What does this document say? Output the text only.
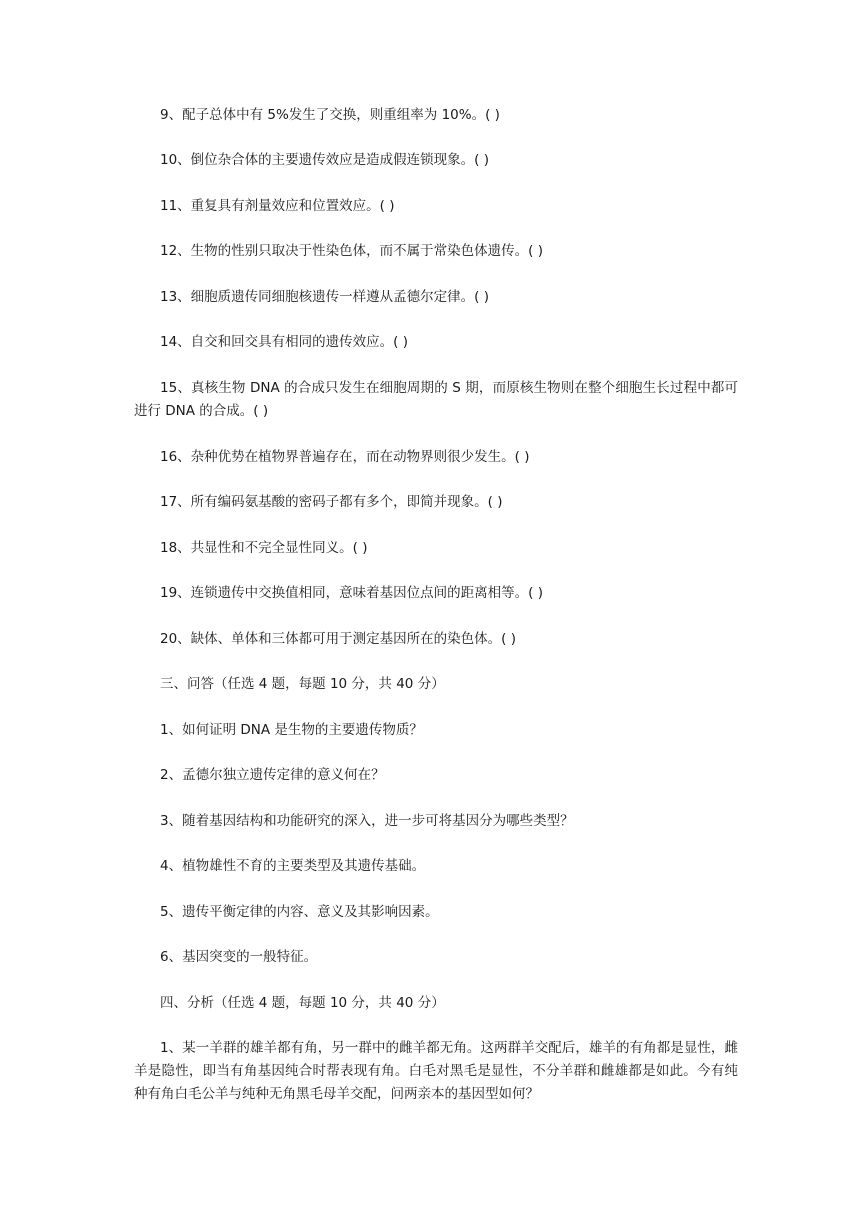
9、配子总体中有 5%发生了交换，则重组率为 10%。( )

10、倒位杂合体的主要遗传效应是造成假连锁现象。( )

11、重复具有剂量效应和位置效应。( )

12、生物的性别只取决于性染色体，而不属于常染色体遗传。( )

13、细胞质遗传同细胞核遗传一样遵从孟德尔定律。( )

14、自交和回交具有相同的遗传效应。( )

15、真核生物 DNA 的合成只发生在细胞周期的 S 期，而原核生物则在整个细胞生长过程中都可进行 DNA 的合成。( )

16、杂种优势在植物界普遍存在，而在动物界则很少发生。( )

17、所有编码氨基酸的密码子都有多个，即简并现象。( )

18、共显性和不完全显性同义。( )

19、连锁遗传中交换值相同，意味着基因位点间的距离相等。( )

20、缺体、单体和三体都可用于测定基因所在的染色体。( )

三、问答（任选 4 题，每题 10 分，共 40 分）

1、如何证明 DNA 是生物的主要遗传物质？

2、孟德尔独立遗传定律的意义何在？

3、随着基因结构和功能研究的深入，进一步可将基因分为哪些类型？

4、植物雄性不育的主要类型及其遗传基础。

5、遗传平衡定律的内容、意义及其影响因素。

6、基因突变的一般特征。

四、分析（任选 4 题，每题 10 分，共 40 分）

1、某一羊群的雄羊都有角，另一群中的雌羊都无角。这两群羊交配后，雄羊的有角都是显性，雌羊是隐性，即当有角基因纯合时帮表现有角。白毛对黑毛是显性，不分羊群和雌雄都是如此。今有纯种有角白毛公羊与纯种无角黑毛母羊交配，问两亲本的基因型如何？
